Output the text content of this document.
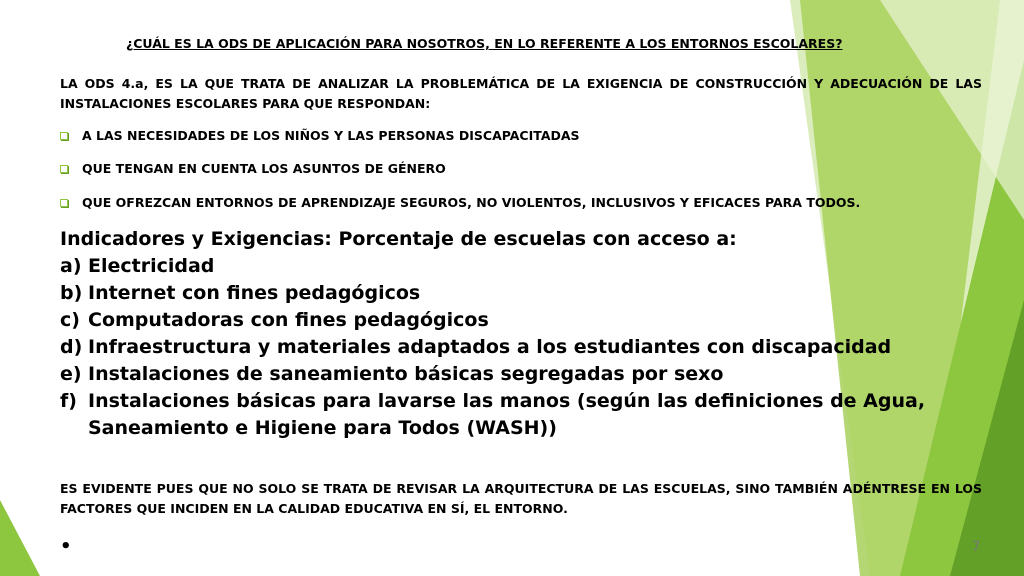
¿CUÁL ES LA ODS DE APLICACIÓN PARA NOSOTROS, EN LO REFERENTE A LOS ENTORNOS ESCOLARES?
LA ODS 4.a, ES LA QUE TRATA DE ANALIZAR LA PROBLEMÁTICA DE LA EXIGENCIA DE CONSTRUCCIÓN Y ADECUACIÓN DE LAS INSTALACIONES ESCOLARES PARA QUE RESPONDAN:
A LAS NECESIDADES DE LOS NIÑOS Y LAS PERSONAS DISCAPACITADAS
QUE TENGAN EN CUENTA LOS ASUNTOS DE GÉNERO
QUE OFREZCAN ENTORNOS DE APRENDIZAJE SEGUROS, NO VIOLENTOS, INCLUSIVOS Y EFICACES PARA TODOS.
Indicadores y Exigencias: Porcentaje de escuelas con acceso a:
a) Electricidad
b) Internet con fines pedagógicos
c) Computadoras con fines pedagógicos
d) Infraestructura y materiales adaptados a los estudiantes con discapacidad
e) Instalaciones de saneamiento básicas segregadas por sexo
f) Instalaciones básicas para lavarse las manos (según las definiciones de Agua, Saneamiento e Higiene para Todos (WASH))
ES EVIDENTE PUES QUE NO SOLO SE TRATA DE REVISAR LA ARQUITECTURA DE LAS ESCUELAS, SINO TAMBIÉN ADÉNTRESE EN LOS FACTORES QUE INCIDEN EN LA CALIDAD EDUCATIVA EN SÍ, EL ENTORNO.
•	7
